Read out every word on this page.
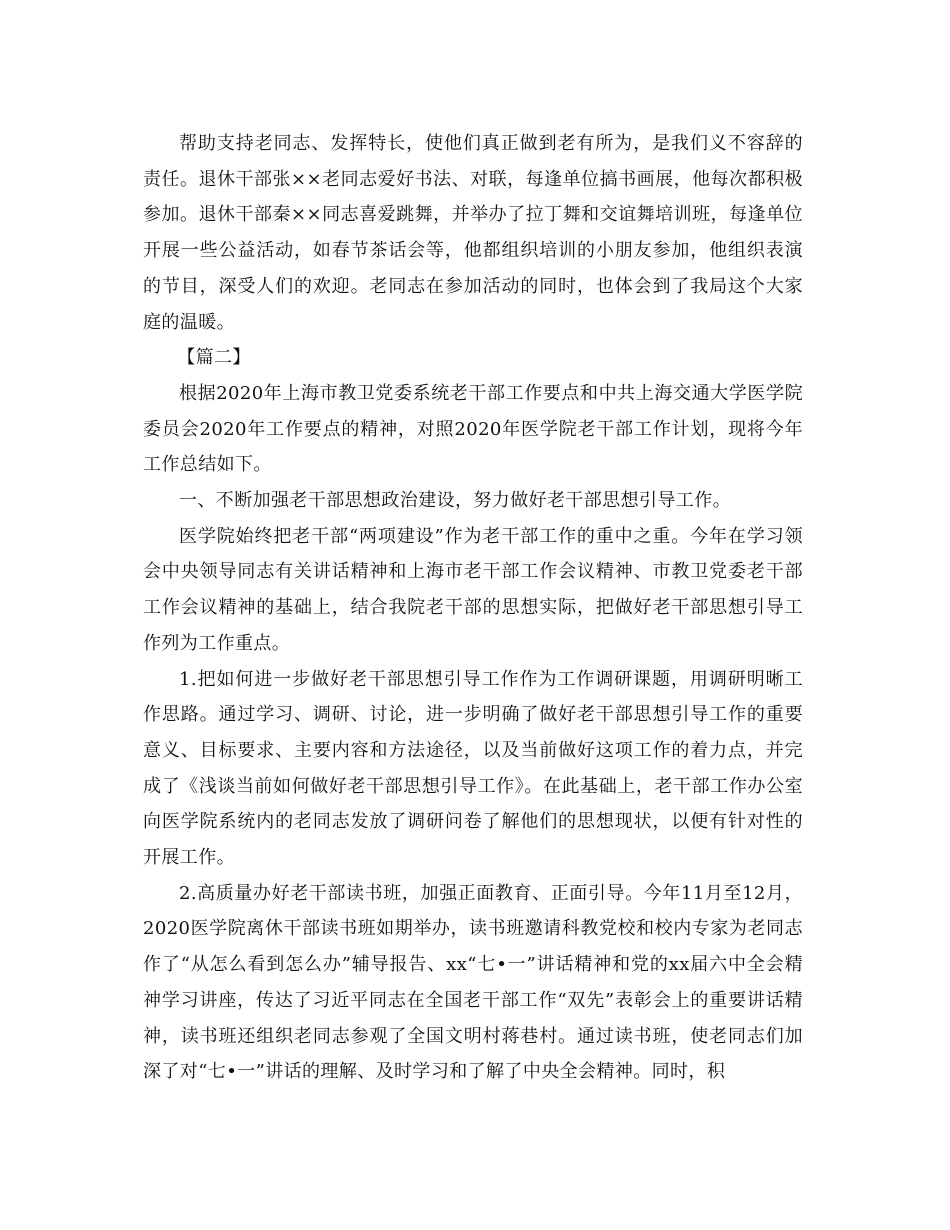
帮助支持老同志、发挥特长，使他们真正做到老有所为，是我们义不容辞的责任。退休干部张××老同志爱好书法、对联，每逢单位搞书画展，他每次都积极参加。退休干部秦××同志喜爱跳舞，并举办了拉丁舞和交谊舞培训班，每逢单位开展一些公益活动，如春节茶话会等，他都组织培训的小朋友参加，他组织表演的节目，深受人们的欢迎。老同志在参加活动的同时，也体会到了我局这个大家庭的温暖。

【篇二】

根据2020年上海市教卫党委系统老干部工作要点和中共上海交通大学医学院委员会2020年工作要点的精神，对照2020年医学院老干部工作计划，现将今年工作总结如下。

一、不断加强老干部思想政治建设，努力做好老干部思想引导工作。

医学院始终把老干部“两项建设”作为老干部工作的重中之重。今年在学习领会中央领导同志有关讲话精神和上海市老干部工作会议精神、市教卫党委老干部工作会议精神的基础上，结合我院老干部的思想实际，把做好老干部思想引导工作列为工作重点。

1.把如何进一步做好老干部思想引导工作作为工作调研课题，用调研明晰工作思路。通过学习、调研、讨论，进一步明确了做好老干部思想引导工作的重要意义、目标要求、主要内容和方法途径，以及当前做好这项工作的着力点，并完成了《浅谈当前如何做好老干部思想引导工作》。在此基础上，老干部工作办公室向医学院系统内的老同志发放了调研问卷了解他们的思想现状，以便有针对性的开展工作。

2.高质量办好老干部读书班，加强正面教育、正面引导。今年11月至12月，2020医学院离休干部读书班如期举办，读书班邀请科教党校和校内专家为老同志作了“从怎么看到怎么办”辅导报告、xx“七•一”讲话精神和党的xx届六中全会精神学习讲座，传达了习近平同志在全国老干部工作“双先”表彰会上的重要讲话精神，读书班还组织老同志参观了全国文明村蒋巷村。通过读书班，使老同志们加深了对“七•一”讲话的理解、及时学习和了解了中央全会精神。同时，积
